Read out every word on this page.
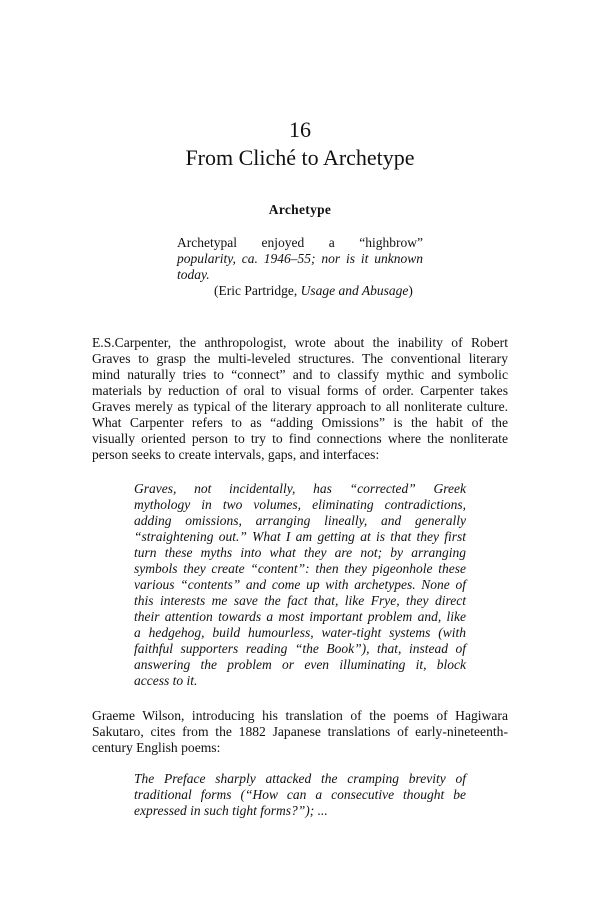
16
From Cliché to Archetype
Archetype
Archetypal enjoyed a “highbrow”
popularity, ca. 1946–55; nor is it unknown
today.
(Eric Partridge, Usage and Abusage)
E.S.Carpenter, the anthropologist, wrote about the inability of Robert
Graves to grasp the multi-leveled structures. The conventional literary
mind naturally tries to “connect” and to classify mythic and symbolic
materials by reduction of oral to visual forms of order. Carpenter takes
Graves merely as typical of the literary approach to all nonliterate culture.
What Carpenter refers to as “adding Omissions” is the habit of the
visually oriented person to try to find connections where the nonliterate
person seeks to create intervals, gaps, and interfaces:
Graves, not incidentally, has “corrected” Greek
mythology in two volumes, eliminating contradictions,
adding omissions, arranging lineally, and generally
“straightening out.” What I am getting at is that they first
turn these myths into what they are not; by arranging
symbols they create “content”: then they pigeonhole these
various “contents” and come up with archetypes. None of
this interests me save the fact that, like Frye, they direct
their attention towards a most important problem and, like
a hedgehog, build humourless, water-tight systems (with
faithful supporters reading “the Book”), that, instead of
answering the problem or even illuminating it, block
access to it.
Graeme Wilson, introducing his translation of the poems of Hagiwara
Sakutaro, cites from the 1882 Japanese translations of early-nineteenth-
century English poems:
The Preface sharply attacked the cramping brevity of
traditional forms (“How can a consecutive thought be
expressed in such tight forms?”); ...
